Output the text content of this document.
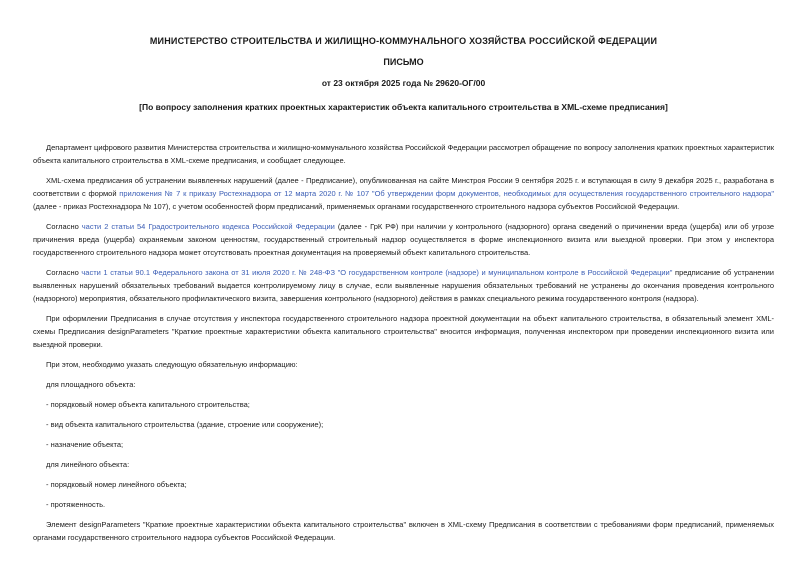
МИНИСТЕРСТВО СТРОИТЕЛЬСТВА И ЖИЛИЩНО-КОММУНАЛЬНОГО ХОЗЯЙСТВА РОССИЙСКОЙ ФЕДЕРАЦИИ
ПИСЬМО
от 23 октября 2025 года № 29620-ОГ/00
[По вопросу заполнения кратких проектных характеристик объекта капитального строительства в XML-схеме предписания]

Департамент цифрового развития Министерства строительства и жилищно-коммунального хозяйства Российской Федерации рассмотрел обращение по вопросу заполнения кратких проектных характеристик объекта капитального строительства в XML-схеме предписания, и сообщает следующее.

XML-схема предписания об устранении выявленных нарушений (далее - Предписание), опубликованная на сайте Минстроя России 9 сентября 2025 г. и вступающая в силу 9 декабря 2025 г., разработана в соответствии с формой приложения № 7 к приказу Ростехнадзора от 12 марта 2020 г. № 107 "Об утверждении форм документов, необходимых для осуществления государственного строительного надзора" (далее - приказ Ростехнадзора № 107), с учетом особенностей форм предписаний, применяемых органами государственного строительного надзора субъектов Российской Федерации.

Согласно части 2 статьи 54 Градостроительного кодекса Российской Федерации (далее - ГрК РФ) при наличии у контрольного (надзорного) органа сведений о причинении вреда (ущерба) или об угрозе причинения вреда (ущерба) охраняемым законом ценностям, государственный строительный надзор осуществляется в форме инспекционного визита или выездной проверки. При этом у инспектора государственного строительного надзора может отсутствовать проектная документация на проверяемый объект капитального строительства.

Согласно части 1 статьи 90.1 Федерального закона от 31 июля 2020 г. № 248-ФЗ "О государственном контроле (надзоре) и муниципальном контроле в Российской Федерации" предписание об устранении выявленных нарушений обязательных требований выдается контролируемому лицу в случае, если выявленные нарушения обязательных требований не устранены до окончания проведения контрольного (надзорного) мероприятия, обязательного профилактического визита, завершения контрольного (надзорного) действия в рамках специального режима государственного контроля (надзора).

При оформлении Предписания в случае отсутствия у инспектора государственного строительного надзора проектной документации на объект капитального строительства, в обязательный элемент XML-схемы Предписания designParameters "Краткие проектные характеристики объекта капитального строительства" вносится информация, полученная инспектором при проведении инспекционного визита или выездной проверки.

При этом, необходимо указать следующую обязательную информацию:

для площадного объекта:

- порядковый номер объекта капитального строительства;

- вид объекта капитального строительства (здание, строение или сооружение);

- назначение объекта;

для линейного объекта:

- порядковый номер линейного объекта;

- протяженность.

Элемент designParameters "Краткие проектные характеристики объекта капитального строительства" включен в XML-схему Предписания в соответствии с требованиями форм предписаний, применяемых органами государственного строительного надзора субъектов Российской Федерации.
